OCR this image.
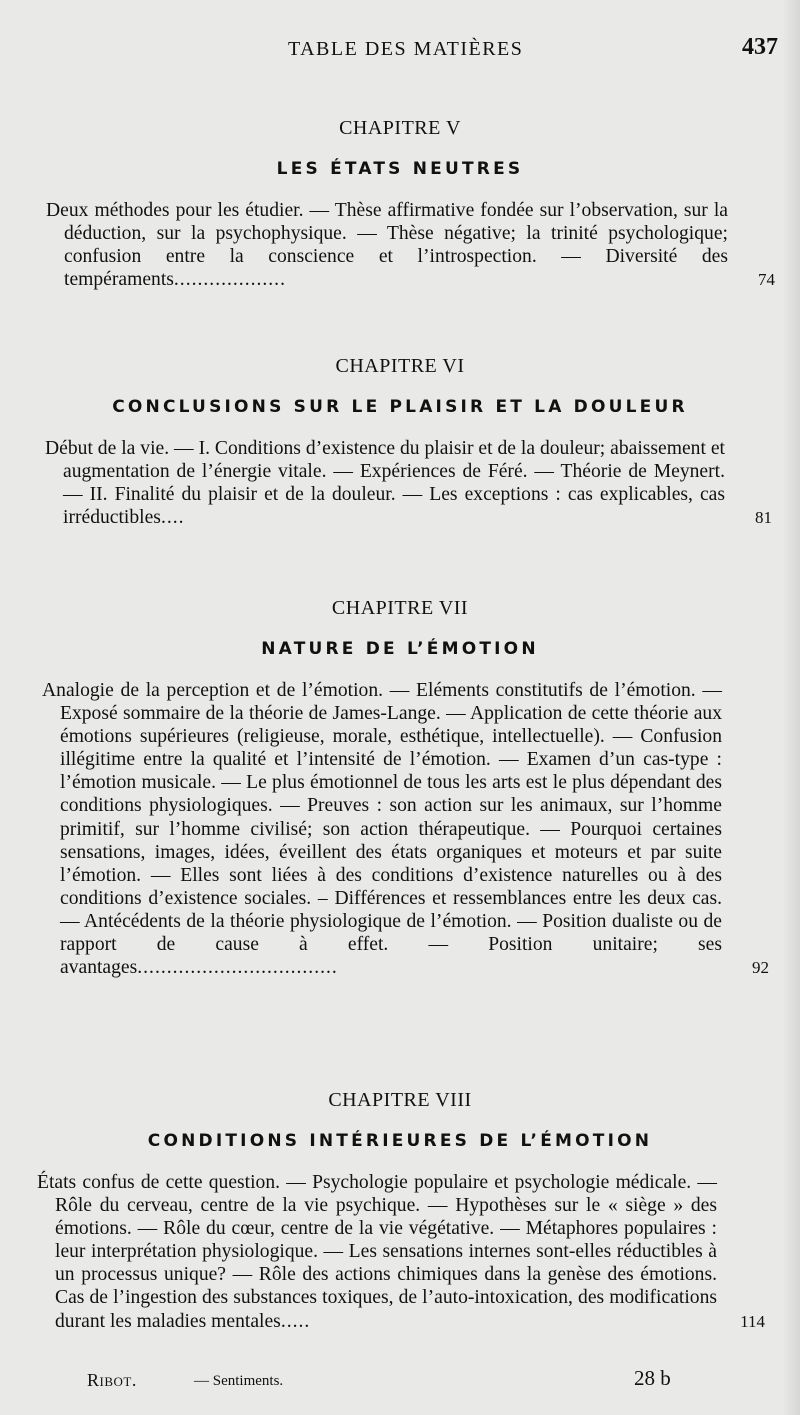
TABLE DES MATIÈRES	437
CHAPITRE V
LES ÉTATS NEUTRES

Deux méthodes pour les étudier. — Thèse affirmative fondée sur l’observation, sur la déduction, sur la psychophysique. — Thèse négative; la trinité psychologique; confusion entre la conscience et l’introspection. — Diversité des tempéraments...................	74

CHAPITRE VI
CONCLUSIONS SUR LE PLAISIR ET LA DOULEUR

Début de la vie. — I. Conditions d’existence du plaisir et de la douleur; abaissement et augmentation de l’énergie vitale. — Expériences de Féré. — Théorie de Meynert. — II. Finalité du plaisir et de la douleur. — Les exceptions : cas explicables, cas irréductibles....	81

CHAPITRE VII
NATURE DE L’ÉMOTION

Analogie de la perception et de l’émotion. — Eléments constitutifs de l’émotion. — Exposé sommaire de la théorie de James-Lange. — Application de cette théorie aux émotions supérieures (religieuse, morale, esthétique, intellectuelle). — Confusion illégitime entre la qualité et l’intensité de l’émotion. — Examen d’un cas-type : l’émotion musicale. — Le plus émotionnel de tous les arts est le plus dépendant des conditions physiologiques. — Preuves : son action sur les animaux, sur l’homme primitif, sur l’homme civilisé; son action thérapeutique. — Pourquoi certaines sensations, images, idées, éveillent des états organiques et moteurs et par suite l’émotion. — Elles sont liées à des conditions d’existence naturelles ou à des conditions d’existence sociales. – Différences et ressemblances entre les deux cas. — Antécédents de la théorie physiologique de l’émotion. — Position dualiste ou de rapport de cause à effet. — Position unitaire; ses avantages..................................	92

CHAPITRE VIII
CONDITIONS INTÉRIEURES DE L’ÉMOTION

États confus de cette question. — Psychologie populaire et psychologie médicale. — Rôle du cerveau, centre de la vie psychique. — Hypothèses sur le « siège » des émotions. — Rôle du cœur, centre de la vie végétative. — Métaphores populaires : leur interprétation physiologique. — Les sensations internes sont-elles réductibles à un processus unique? — Rôle des actions chimiques dans la genèse des émotions. Cas de l’ingestion des substances toxiques, de l’auto-intoxication, des modifications durant les maladies mentales.....	114

Ribot.	— Sentiments.	28 b
